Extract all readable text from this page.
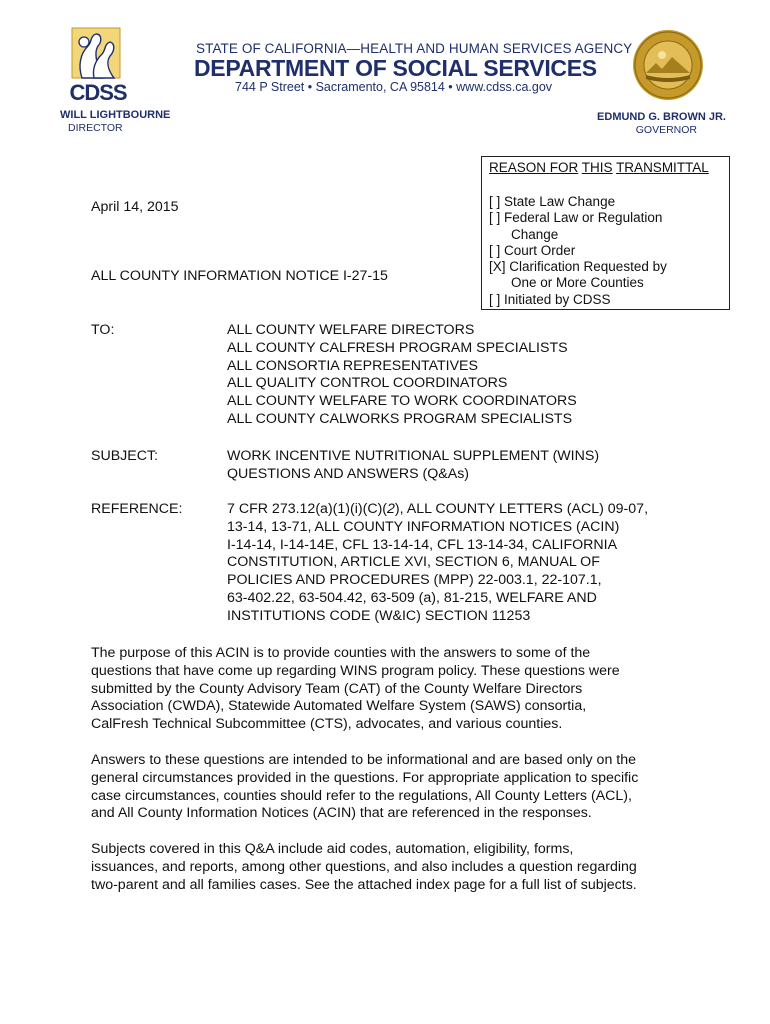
CDSS
STATE OF CALIFORNIA—HEALTH AND HUMAN SERVICES AGENCY
DEPARTMENT OF SOCIAL SERVICES
744 P Street • Sacramento, CA 95814 • www.cdss.ca.gov
WILL LIGHTBOURNE
DIRECTOR
EDMUND G. BROWN JR.
GOVERNOR
REASON FOR THIS TRANSMITTAL
[ ] State Law Change
[ ] Federal Law or Regulation
Change
[ ] Court Order
[X] Clarification Requested by
One or More Counties
[ ] Initiated by CDSS
April 14, 2015
ALL COUNTY INFORMATION NOTICE I-27-15
TO:	ALL COUNTY WELFARE DIRECTORS
ALL COUNTY CALFRESH PROGRAM SPECIALISTS
ALL CONSORTIA REPRESENTATIVES
ALL QUALITY CONTROL COORDINATORS
ALL COUNTY WELFARE TO WORK COORDINATORS
ALL COUNTY CALWORKS PROGRAM SPECIALISTS
SUBJECT:	WORK INCENTIVE NUTRITIONAL SUPPLEMENT (WINS)
QUESTIONS AND ANSWERS (Q&As)
REFERENCE:	7 CFR 273.12(a)(1)(i)(C)(2), ALL COUNTY LETTERS (ACL) 09-07,
13-14, 13-71, ALL COUNTY INFORMATION NOTICES (ACIN)
I-14-14, I-14-14E, CFL 13-14-14, CFL 13-14-34, CALIFORNIA
CONSTITUTION, ARTICLE XVI, SECTION 6, MANUAL OF
POLICIES AND PROCEDURES (MPP) 22-003.1, 22-107.1,
63-402.22, 63-504.42, 63-509 (a), 81-215, WELFARE AND
INSTITUTIONS CODE (W&IC) SECTION 11253
The purpose of this ACIN is to provide counties with the answers to some of the
questions that have come up regarding WINS program policy. These questions were
submitted by the County Advisory Team (CAT) of the County Welfare Directors
Association (CWDA), Statewide Automated Welfare System (SAWS) consortia,
CalFresh Technical Subcommittee (CTS), advocates, and various counties.
Answers to these questions are intended to be informational and are based only on the
general circumstances provided in the questions. For appropriate application to specific
case circumstances, counties should refer to the regulations, All County Letters (ACL),
and All County Information Notices (ACIN) that are referenced in the responses.
Subjects covered in this Q&A include aid codes, automation, eligibility, forms,
issuances, and reports, among other questions, and also includes a question regarding
two-parent and all families cases. See the attached index page for a full list of subjects.
